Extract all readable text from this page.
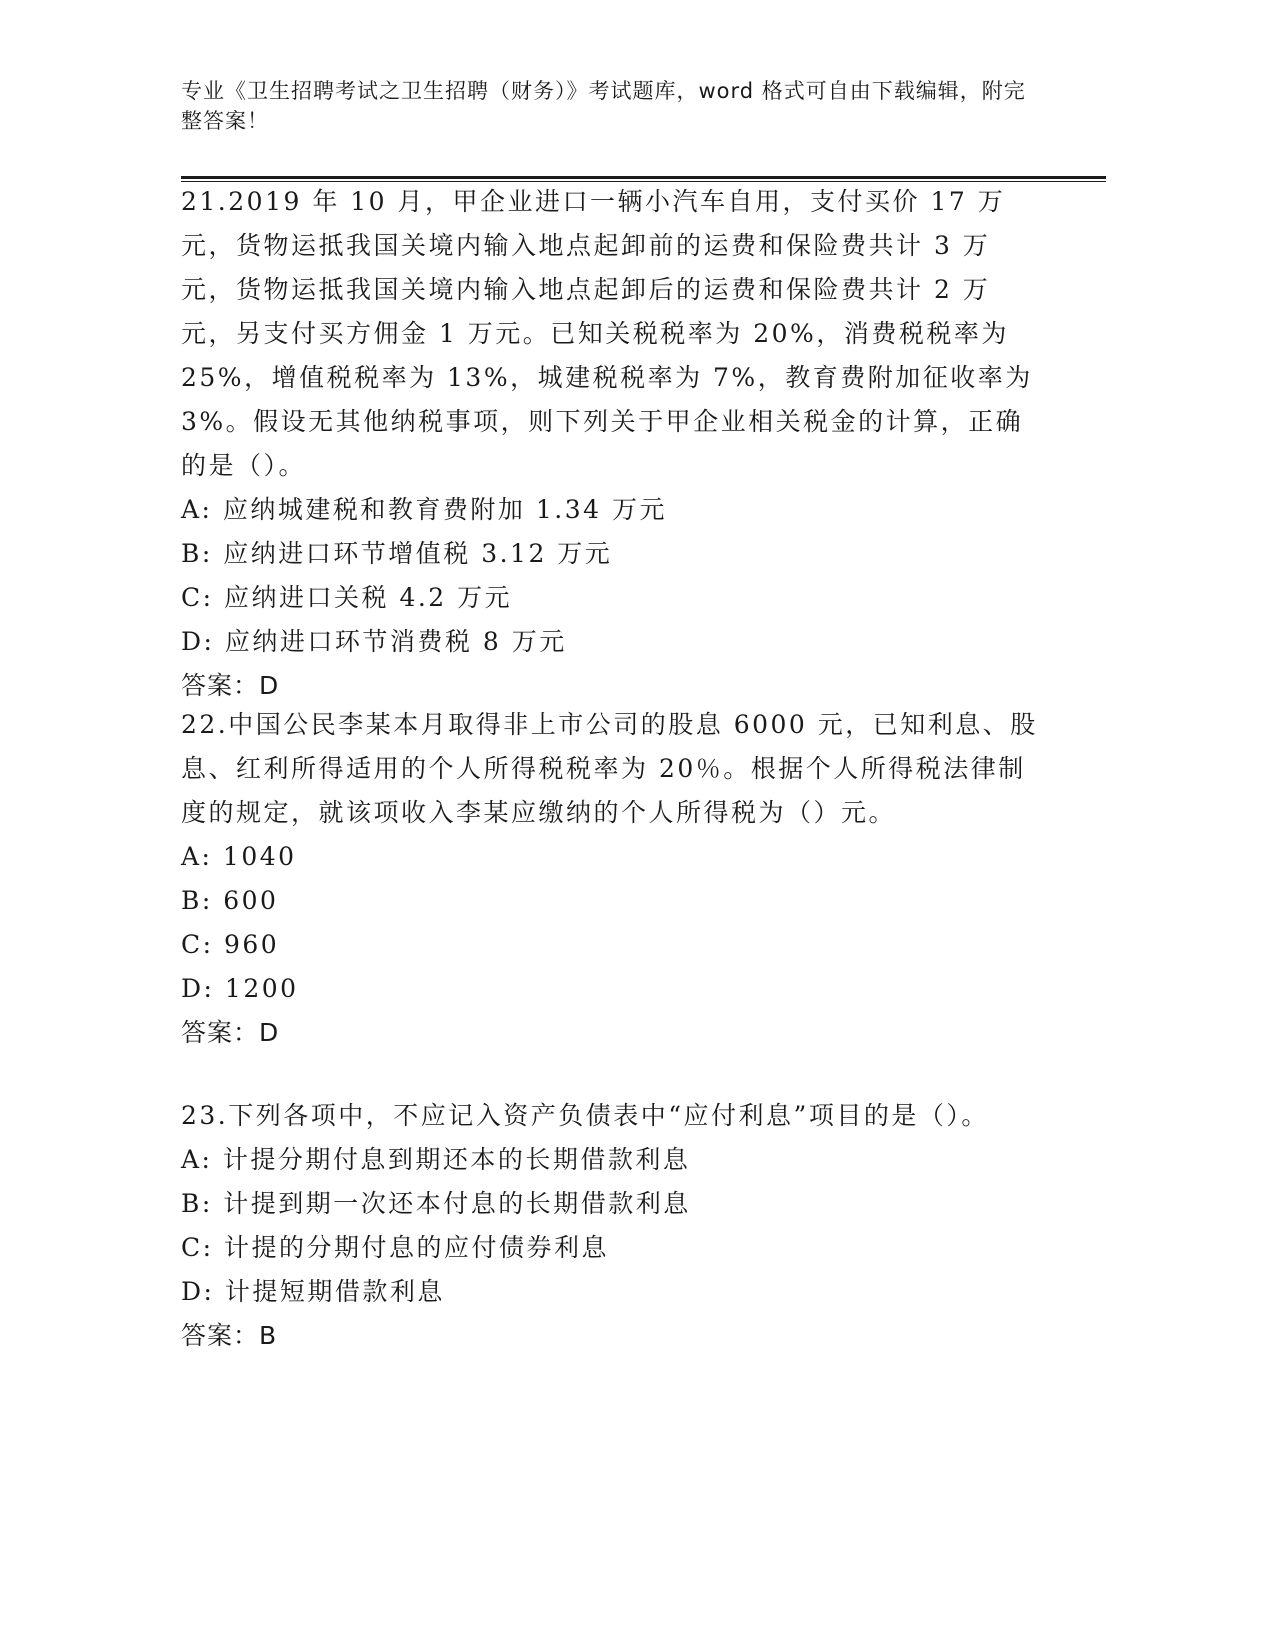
专业《卫生招聘考试之卫生招聘（财务）》考试题库，word 格式可自由下载编辑，附完整答案！

21.2019 年 10 月，甲企业进口一辆小汽车自用，支付买价 17 万元，货物运抵我国关境内输入地点起卸前的运费和保险费共计 3 万元，货物运抵我国关境内输入地点起卸后的运费和保险费共计 2 万元，另支付买方佣金 1 万元。已知关税税率为 20%，消费税税率为 25%，增值税税率为 13%，城建税税率为 7%，教育费附加征收率为 3%。假设无其他纳税事项，则下列关于甲企业相关税金的计算，正确的是（）。

A: 应纳城建税和教育费附加 1.34 万元
B: 应纳进口环节增值税 3.12 万元
C: 应纳进口关税 4.2 万元
D: 应纳进口环节消费税 8 万元
答案：D

22.中国公民李某本月取得非上市公司的股息 6000 元，已知利息、股息、红利所得适用的个人所得税税率为 20％。根据个人所得税法律制度的规定，就该项收入李某应缴纳的个人所得税为（）元。

A: 1040
B: 600
C: 960
D: 1200
答案：D

23.下列各项中，不应记入资产负债表中“应付利息”项目的是（）。

A: 计提分期付息到期还本的长期借款利息
B: 计提到期一次还本付息的长期借款利息
C: 计提的分期付息的应付债券利息
D: 计提短期借款利息
答案：B
